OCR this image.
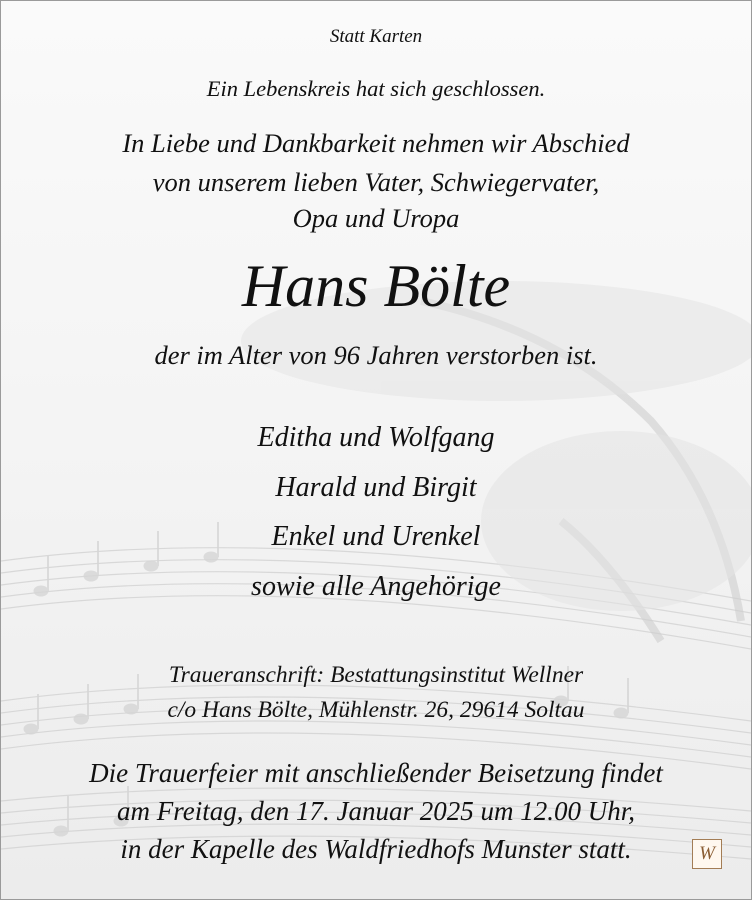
Statt Karten
Ein Lebenskreis hat sich geschlossen.
In Liebe und Dankbarkeit nehmen wir Abschied
von unserem lieben Vater, Schwiegervater,
Opa und Uropa
Hans Bölte
der im Alter von 96 Jahren verstorben ist.
Editha und Wolfgang
Harald und Birgit
Enkel und Urenkel
sowie alle Angehörige
Traueranschrift: Bestattungsinstitut Wellner
c/o Hans Bölte, Mühlenstr. 26, 29614 Soltau
Die Trauerfeier mit anschließender Beisetzung findet
am Freitag, den 17. Januar 2025 um 12.00 Uhr,
in der Kapelle des Waldfriedhofs Munster statt.	W
